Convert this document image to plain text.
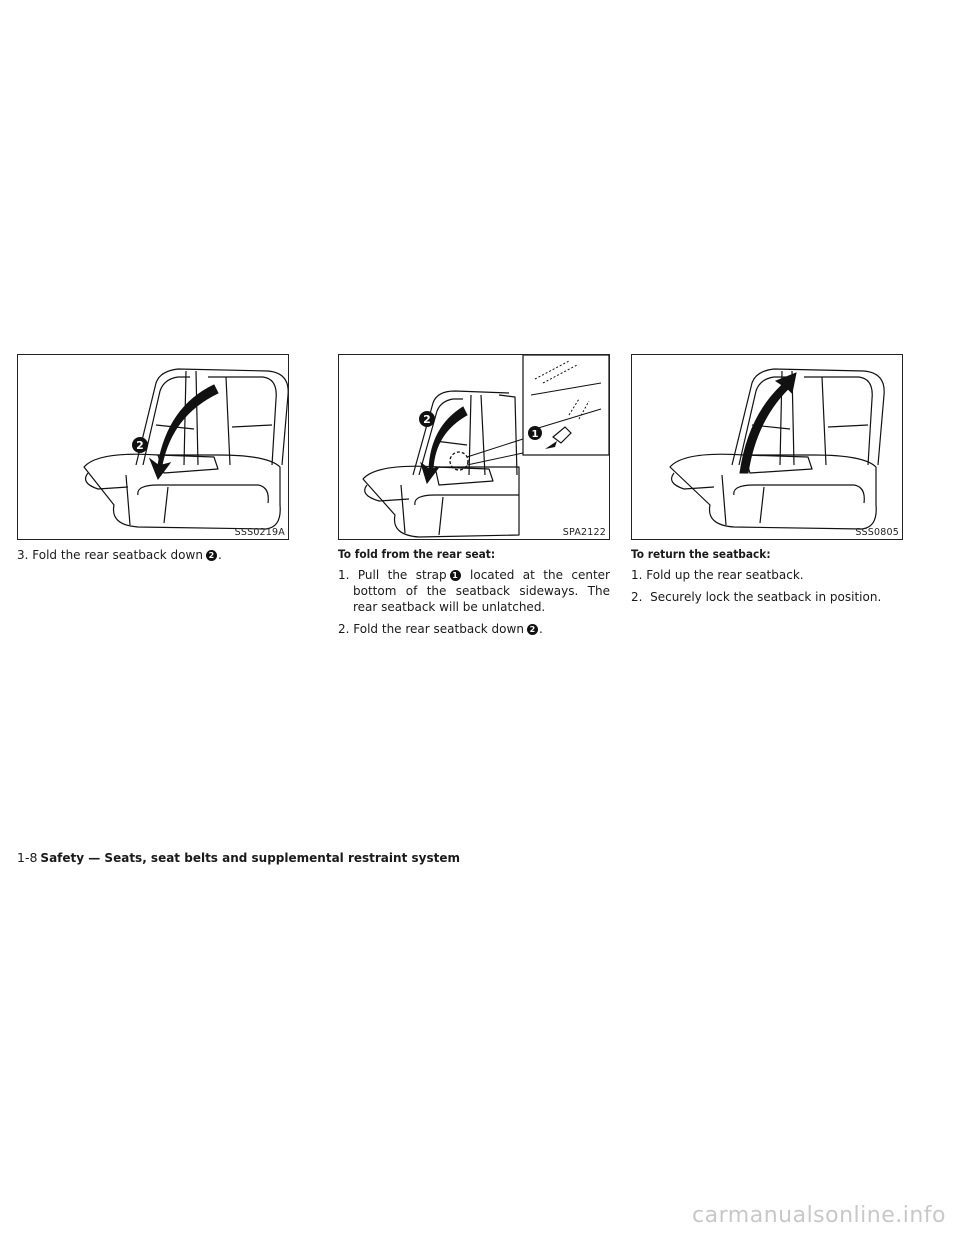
2
SSS0219A

3. Fold the rear seatback down 2 .

1
2
SPA2122
To fold from the rear seat:

1. Pull the strap 1 located at the center bottom of the seatback sideways. The rear seatback will be unlatched.

2. Fold the rear seatback down 2 .

SSS0805
To return the seatback:

1. Fold up the rear seatback.

2. Securely lock the seatback in position.

1-8 Safety — Seats, seat belts and supplemental restraint system
carmanualsonline.info
